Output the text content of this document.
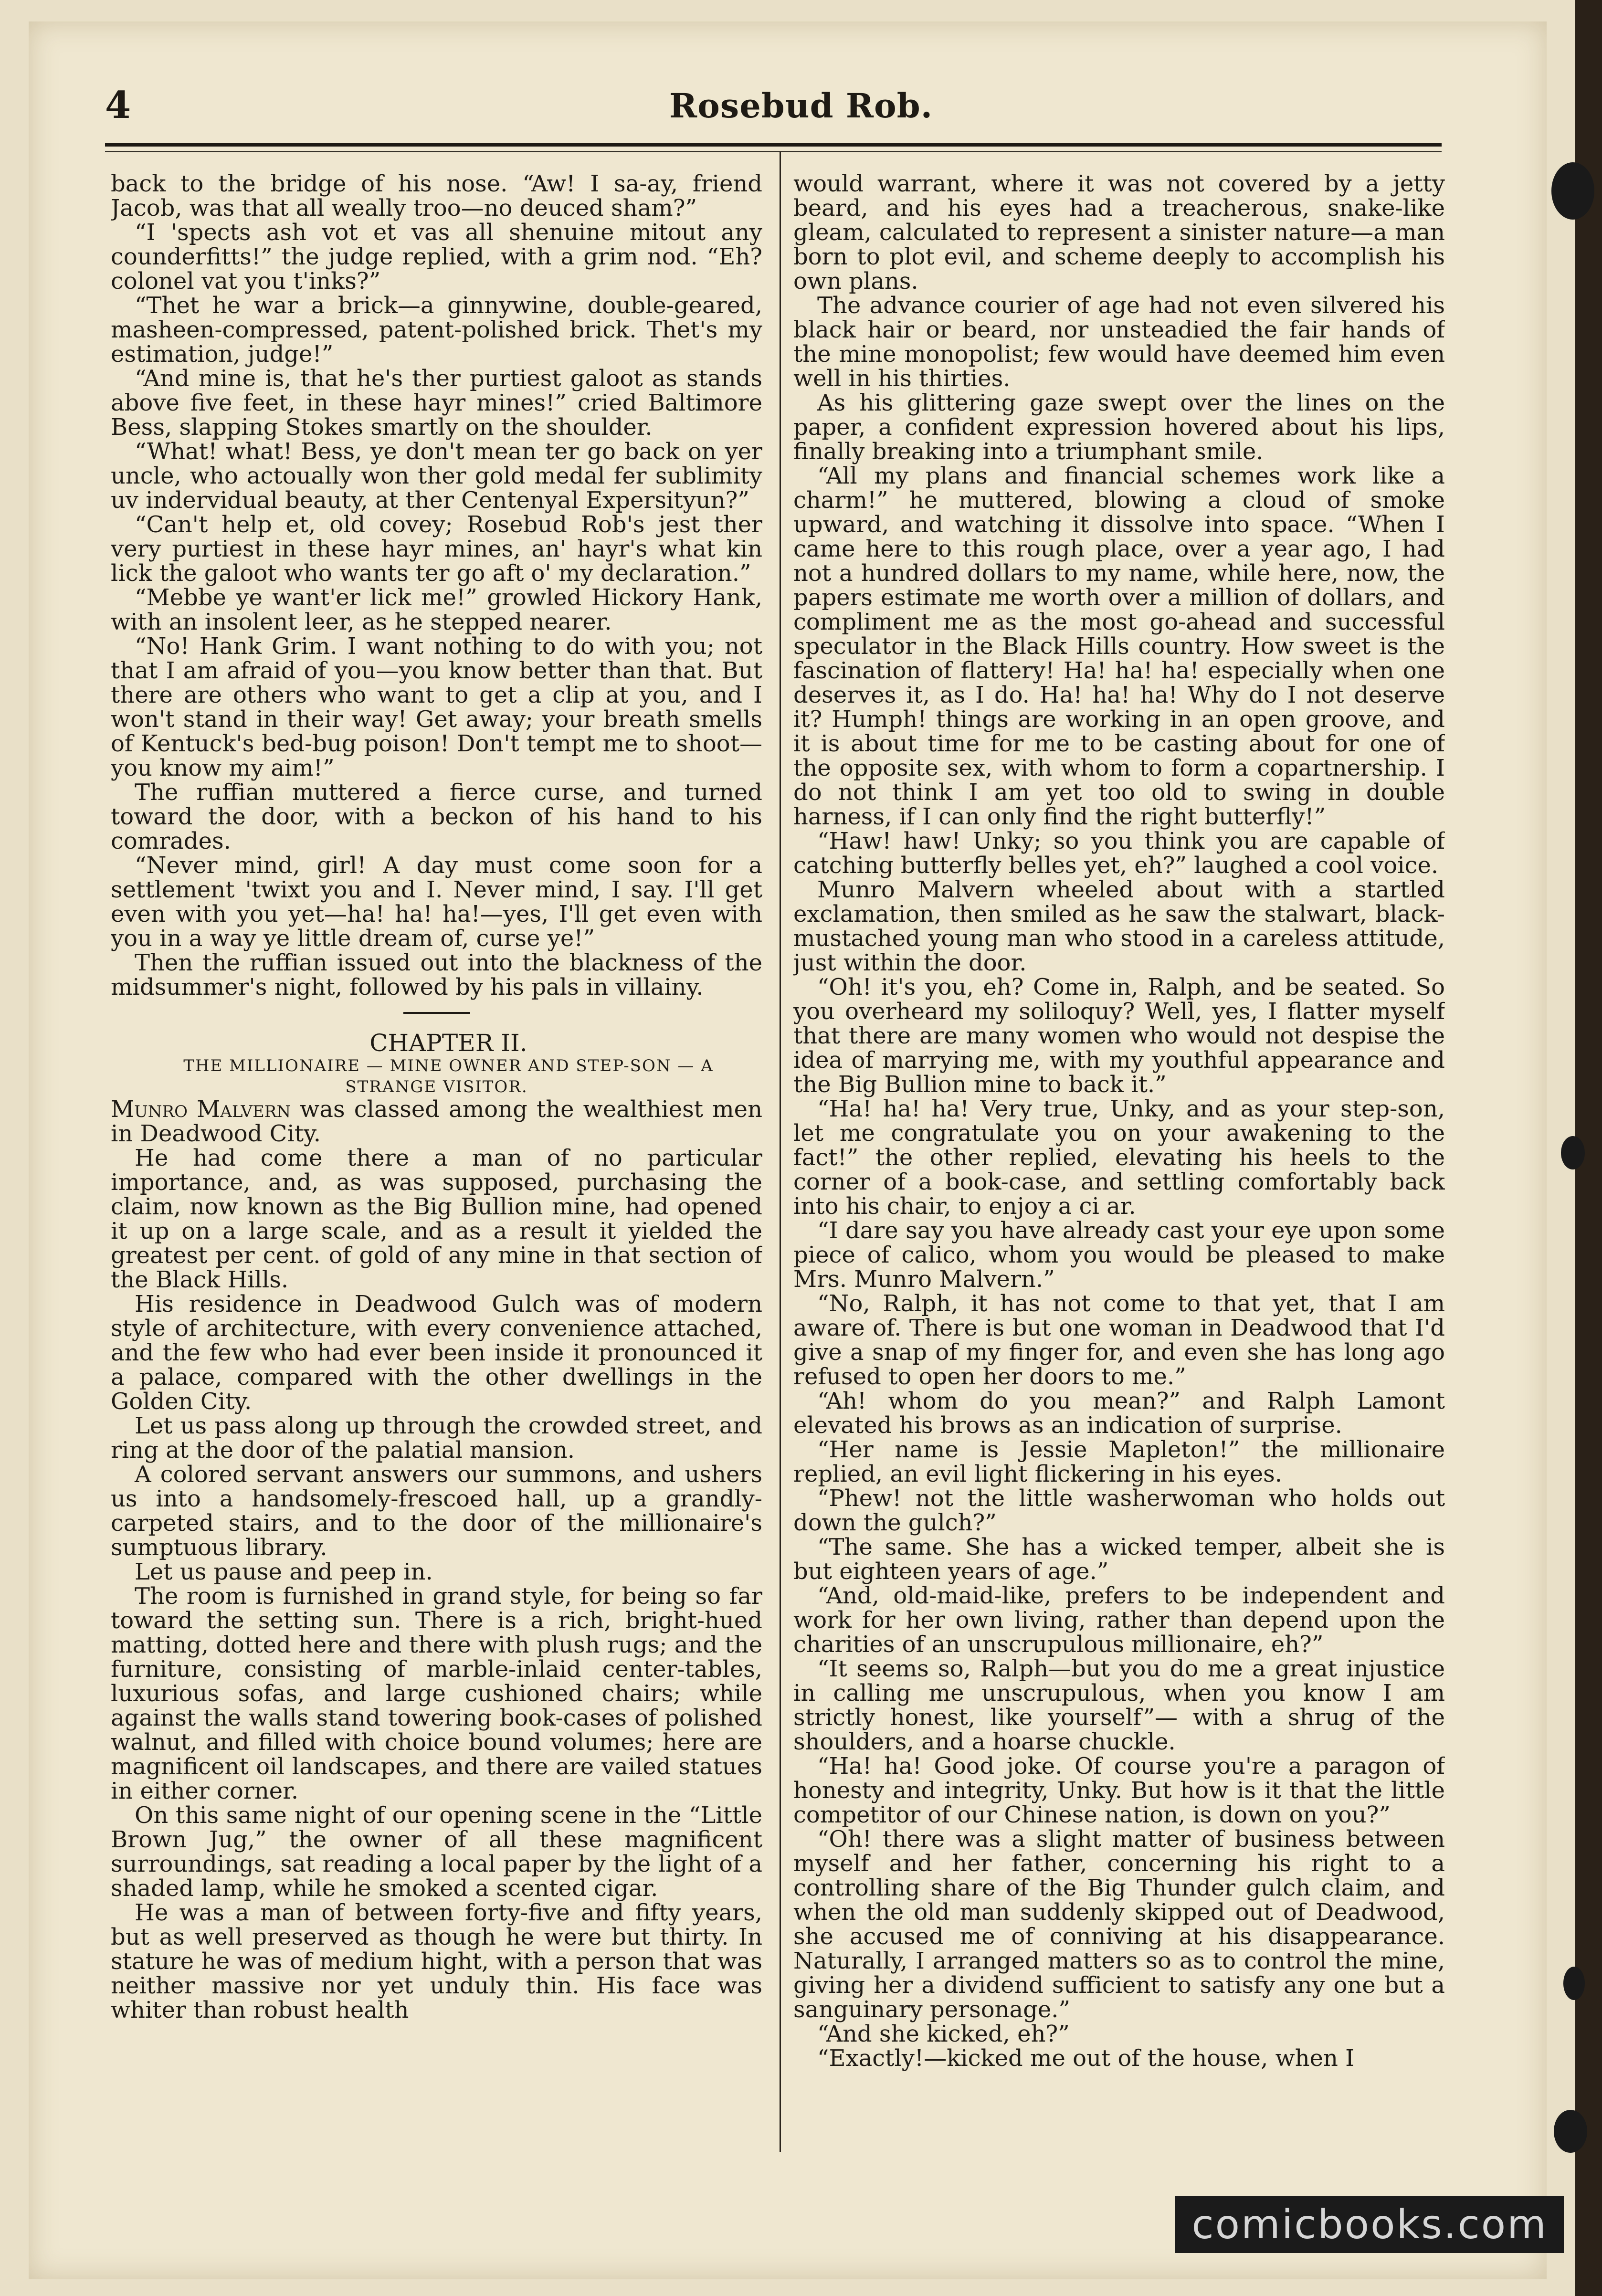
4	Rosebud Rob.

back to the bridge of his nose. “Aw! I sa-ay, friend Jacob, was that all weally troo—no deuced sham?”

“I 'spects ash vot et vas all shenuine mitout any counderfitts!” the judge replied, with a grim nod. “Eh? colonel vat you t'inks?”

“Thet he war a brick—a ginnywine, double-geared, masheen-compressed, patent-polished brick. Thet's my estimation, judge!”

“And mine is, that he's ther purtiest galoot as stands above five feet, in these hayr mines!” cried Baltimore Bess, slapping Stokes smartly on the shoulder.

“What! what! Bess, ye don't mean ter go back on yer uncle, who actoually won ther gold medal fer sublimity uv indervidual beauty, at ther Centenyal Expersityun?”

“Can't help et, old covey; Rosebud Rob's jest ther very purtiest in these hayr mines, an' hayr's what kin lick the galoot who wants ter go aft o' my declaration.”

“Mebbe ye want'er lick me!” growled Hickory Hank, with an insolent leer, as he stepped nearer.

“No! Hank Grim. I want nothing to do with you; not that I am afraid of you—you know better than that. But there are others who want to get a clip at you, and I won't stand in their way! Get away; your breath smells of Kentuck's bed-bug poison! Don't tempt me to shoot—you know my aim!”

The ruffian muttered a fierce curse, and turned toward the door, with a beckon of his hand to his comrades.

“Never mind, girl! A day must come soon for a settlement 'twixt you and I. Never mind, I say. I'll get even with you yet—ha! ha! ha!—yes, I'll get even with you in a way ye little dream of, curse ye!”

Then the ruffian issued out into the blackness of the midsummer's night, followed by his pals in villainy.

CHAPTER II.

THE MILLIONAIRE — MINE OWNER AND STEP-SON — A STRANGE VISITOR.

Munro Malvern was classed among the wealthiest men in Deadwood City.

He had come there a man of no particular importance, and, as was supposed, purchasing the claim, now known as the Big Bullion mine, had opened it up on a large scale, and as a result it yielded the greatest per cent. of gold of any mine in that section of the Black Hills.

His residence in Deadwood Gulch was of modern style of architecture, with every convenience attached, and the few who had ever been inside it pronounced it a palace, compared with the other dwellings in the Golden City.

Let us pass along up through the crowded street, and ring at the door of the palatial mansion.

A colored servant answers our summons, and ushers us into a handsomely-frescoed hall, up a grandly-carpeted stairs, and to the door of the millionaire's sumptuous library.

Let us pause and peep in.

The room is furnished in grand style, for being so far toward the setting sun. There is a rich, bright-hued matting, dotted here and there with plush rugs; and the furniture, consisting of marble-inlaid center-tables, luxurious sofas, and large cushioned chairs; while against the walls stand towering book-cases of polished walnut, and filled with choice bound volumes; here are magnificent oil landscapes, and there are vailed statues in either corner.

On this same night of our opening scene in the “Little Brown Jug,” the owner of all these magnificent surroundings, sat reading a local paper by the light of a shaded lamp, while he smoked a scented cigar.

He was a man of between forty-five and fifty years, but as well preserved as though he were but thirty. In stature he was of medium hight, with a person that was neither massive nor yet unduly thin. His face was whiter than robust health

would warrant, where it was not covered by a jetty beard, and his eyes had a treacherous, snake-like gleam, calculated to represent a sinister nature—a man born to plot evil, and scheme deeply to accomplish his own plans.

The advance courier of age had not even silvered his black hair or beard, nor unsteadied the fair hands of the mine monopolist; few would have deemed him even well in his thirties.

As his glittering gaze swept over the lines on the paper, a confident expression hovered about his lips, finally breaking into a triumphant smile.

“All my plans and financial schemes work like a charm!” he muttered, blowing a cloud of smoke upward, and watching it dissolve into space. “When I came here to this rough place, over a year ago, I had not a hundred dollars to my name, while here, now, the papers estimate me worth over a million of dollars, and compliment me as the most go-ahead and successful speculator in the Black Hills country. How sweet is the fascination of flattery! Ha! ha! ha! especially when one deserves it, as I do. Ha! ha! ha! Why do I not deserve it? Humph! things are working in an open groove, and it is about time for me to be casting about for one of the opposite sex, with whom to form a copartnership. I do not think I am yet too old to swing in double harness, if I can only find the right butterfly!”

“Haw! haw! Unky; so you think you are capable of catching butterfly belles yet, eh?” laughed a cool voice.

Munro Malvern wheeled about with a startled exclamation, then smiled as he saw the stalwart, black-mustached young man who stood in a careless attitude, just within the door.

“Oh! it's you, eh? Come in, Ralph, and be seated. So you overheard my soliloquy? Well, yes, I flatter myself that there are many women who would not despise the idea of marrying me, with my youthful appearance and the Big Bullion mine to back it.”

“Ha! ha! ha! Very true, Unky, and as your step-son, let me congratulate you on your awakening to the fact!” the other replied, elevating his heels to the corner of a book-case, and settling comfortably back into his chair, to enjoy a ci ar.

“I dare say you have already cast your eye upon some piece of calico, whom you would be pleased to make Mrs. Munro Malvern.”

“No, Ralph, it has not come to that yet, that I am aware of. There is but one woman in Deadwood that I'd give a snap of my finger for, and even she has long ago refused to open her doors to me.”

“Ah! whom do you mean?” and Ralph Lamont elevated his brows as an indication of surprise.

“Her name is Jessie Mapleton!” the millionaire replied, an evil light flickering in his eyes.

“Phew! not the little washerwoman who holds out down the gulch?”

“The same. She has a wicked temper, albeit she is but eighteen years of age.”

“And, old-maid-like, prefers to be independent and work for her own living, rather than depend upon the charities of an unscrupulous millionaire, eh?”

“It seems so, Ralph—but you do me a great injustice in calling me unscrupulous, when you know I am strictly honest, like yourself”— with a shrug of the shoulders, and a hoarse chuckle.

“Ha! ha! Good joke. Of course you're a paragon of honesty and integrity, Unky. But how is it that the little competitor of our Chinese nation, is down on you?”

“Oh! there was a slight matter of business between myself and her father, concerning his right to a controlling share of the Big Thunder gulch claim, and when the old man suddenly skipped out of Deadwood, she accused me of conniving at his disappearance. Naturally, I arranged matters so as to control the mine, giving her a dividend sufficient to satisfy any one but a sanguinary personage.”

“And she kicked, eh?”

“Exactly!—kicked me out of the house, when I

comicbooks.com
